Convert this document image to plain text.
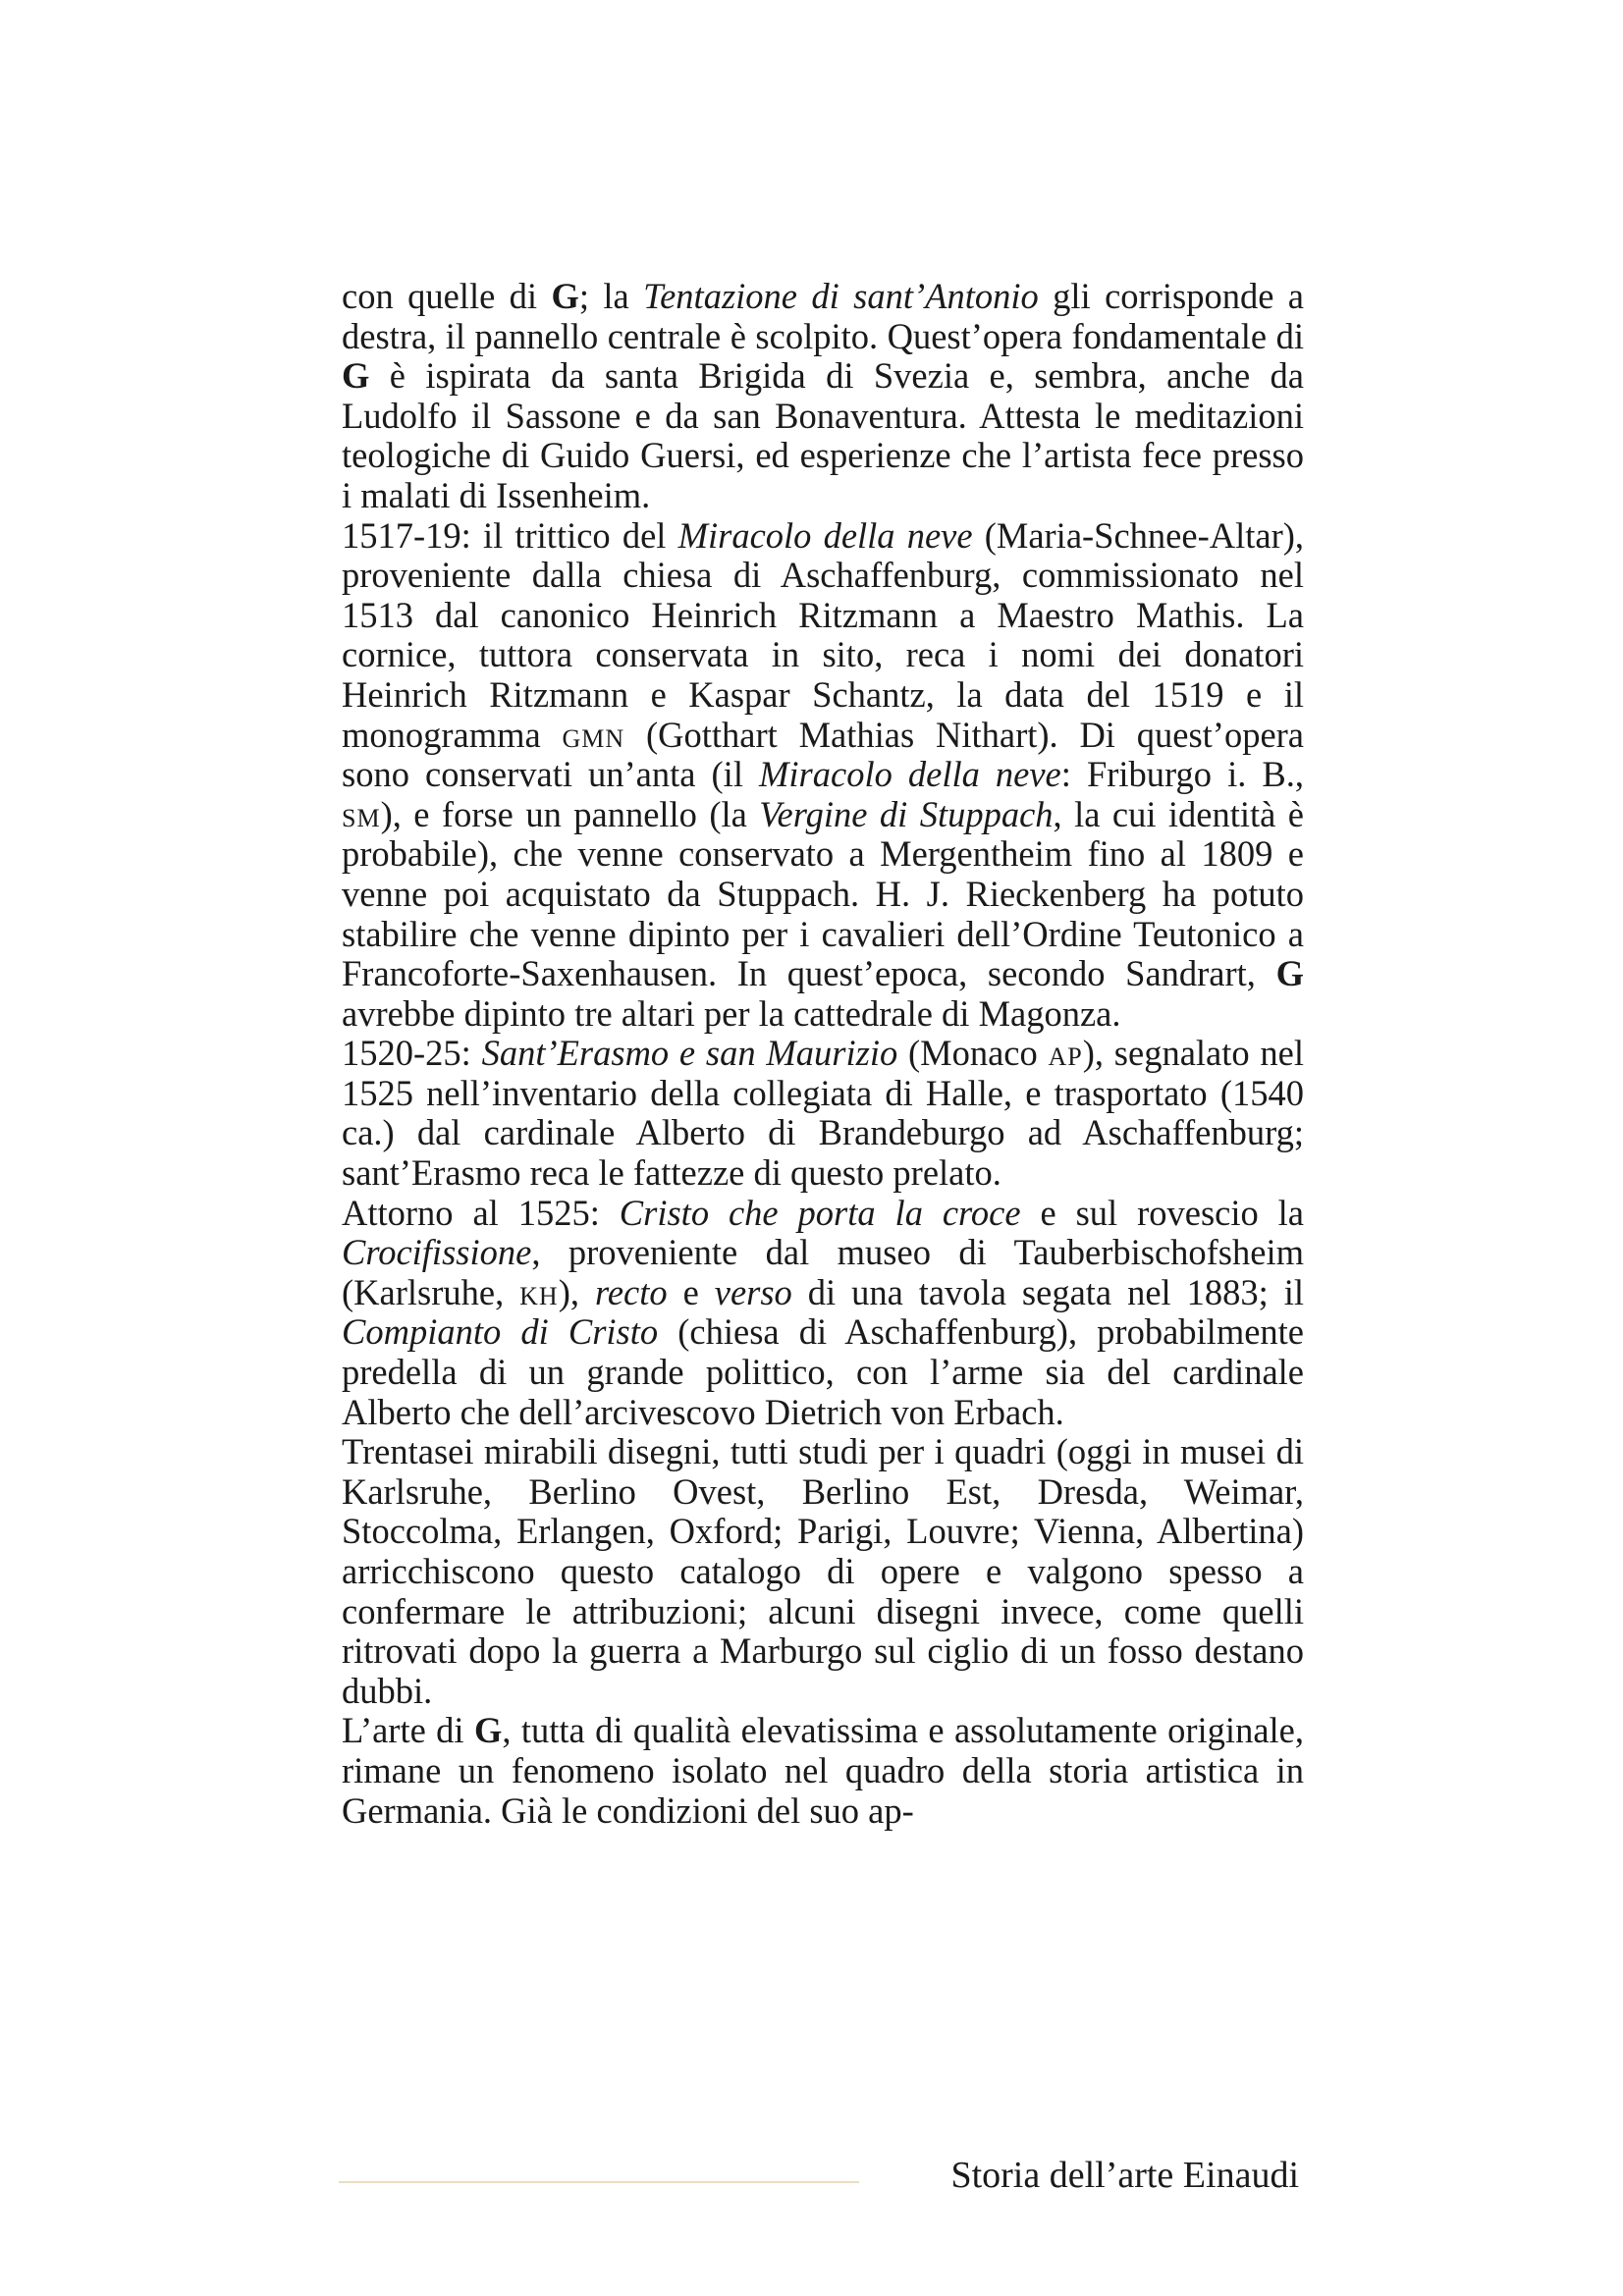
con quelle di G; la Tentazione di sant’Antonio gli corrisponde a destra, il pannello centrale è scolpito. Quest’opera fondamentale di G è ispirata da santa Brigida di Svezia e, sembra, anche da Ludolfo il Sassone e da san Bonaventura. Attesta le meditazioni teologiche di Guido Guersi, ed esperienze che l’artista fece presso i malati di Issenheim.

1517-19: il trittico del Miracolo della neve (Maria-Schnee-Altar), proveniente dalla chiesa di Aschaffenburg, commissionato nel 1513 dal canonico Heinrich Ritzmann a Maestro Mathis. La cornice, tuttora conservata in sito, reca i nomi dei donatori Heinrich Ritzmann e Kaspar Schantz, la data del 1519 e il monogramma gmn (Gotthart Mathias Nithart). Di quest’opera sono conservati un’anta (il Miracolo della neve: Friburgo i. B., sm), e forse un pannello (la Vergine di Stuppach, la cui identità è probabile), che venne conservato a Mergentheim fino al 1809 e venne poi acquistato da Stuppach. H. J. Rieckenberg ha potuto stabilire che venne dipinto per i cavalieri dell’Ordine Teutonico a Francoforte-Saxenhausen. In quest’epoca, secondo Sandrart, G avrebbe dipinto tre altari per la cattedrale di Magonza.

1520-25: Sant’Erasmo e san Maurizio (Monaco ap), segnalato nel 1525 nell’inventario della collegiata di Halle, e trasportato (1540 ca.) dal cardinale Alberto di Brandeburgo ad Aschaffenburg; sant’Erasmo reca le fattezze di questo prelato.

Attorno al 1525: Cristo che porta la croce e sul rovescio la Crocifissione, proveniente dal museo di Tauberbischofsheim (Karlsruhe, kh), recto e verso di una tavola segata nel 1883; il Compianto di Cristo (chiesa di Aschaffenburg), probabilmente predella di un grande polittico, con l’arme sia del cardinale Alberto che dell’arcivescovo Dietrich von Erbach.

Trentasei mirabili disegni, tutti studi per i quadri (oggi in musei di Karlsruhe, Berlino Ovest, Berlino Est, Dresda, Weimar, Stoccolma, Erlangen, Oxford; Parigi, Louvre; Vienna, Albertina) arricchiscono questo catalogo di opere e valgono spesso a confermare le attribuzioni; alcuni disegni invece, come quelli ritrovati dopo la guerra a Marburgo sul ciglio di un fosso destano dubbi.

L’arte di G, tutta di qualità elevatissima e assolutamente originale, rimane un fenomeno isolato nel quadro della storia artistica in Germania. Già le condizioni del suo ap-

Storia dell’arte Einaudi
